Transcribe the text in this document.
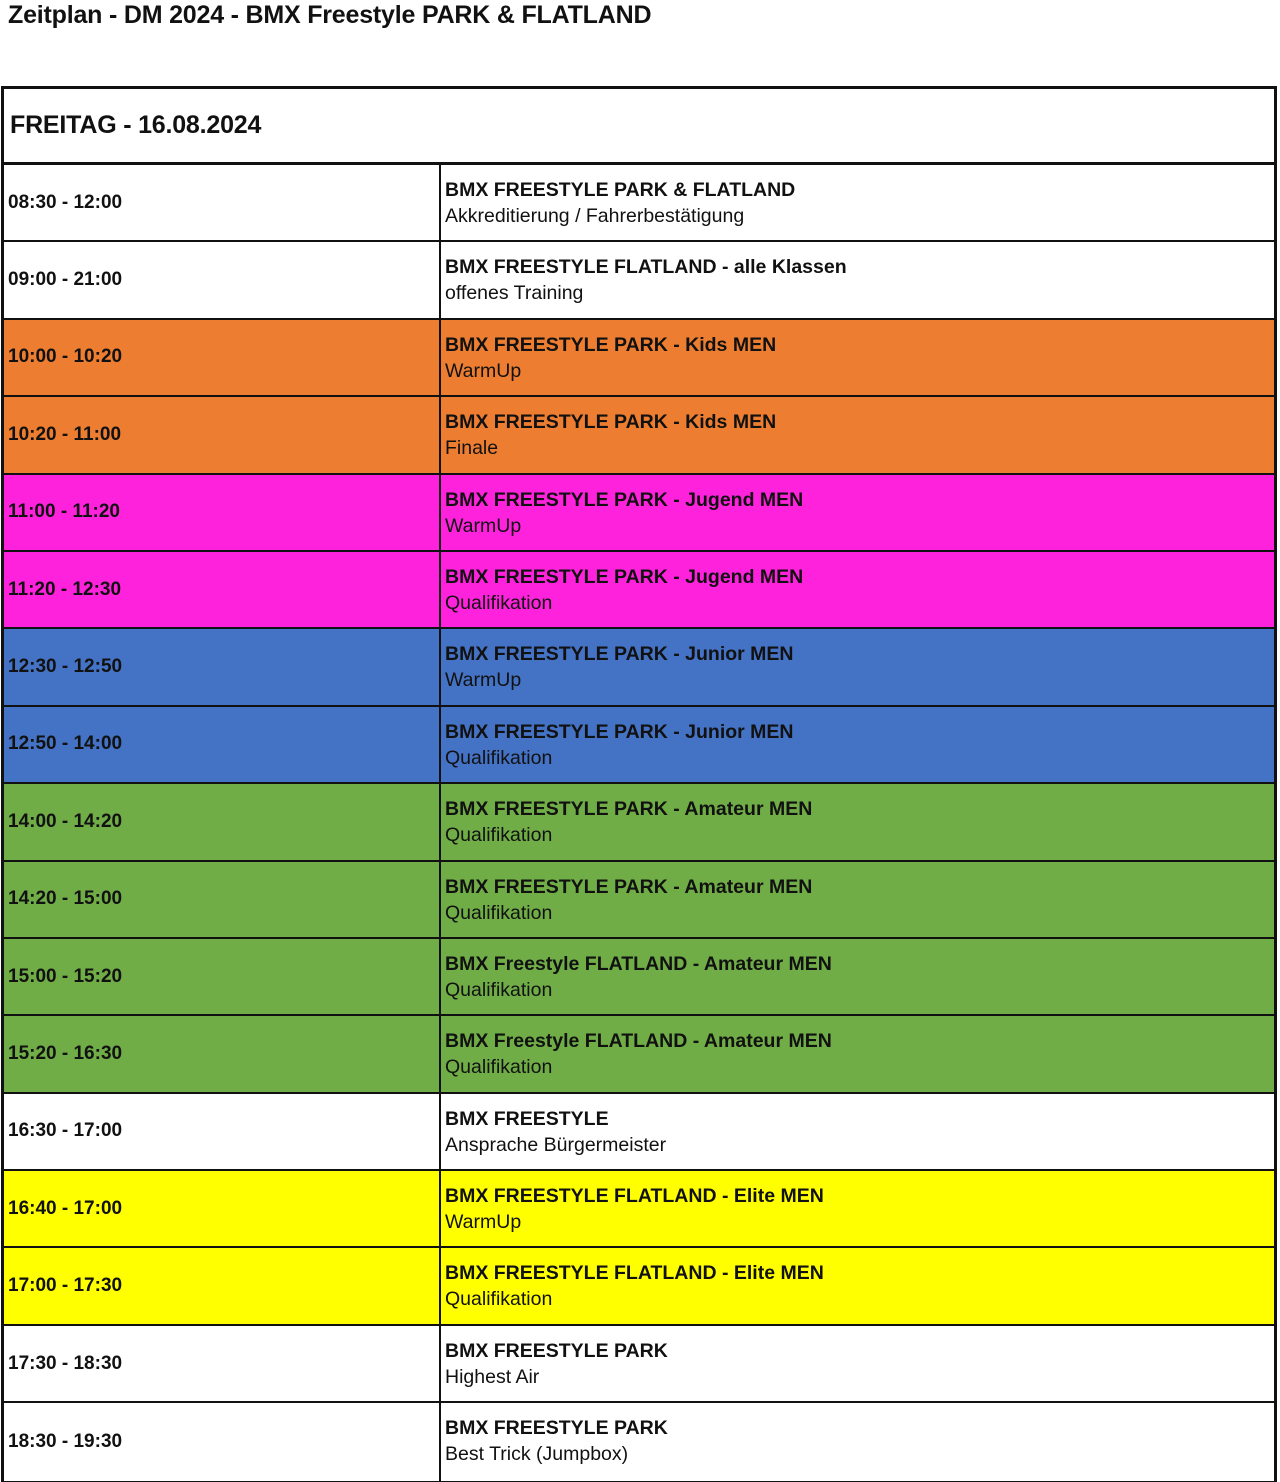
Zeitplan - DM 2024 - BMX Freestyle PARK & FLATLAND
FREITAG - 16.08.2024
08:30 - 12:00
BMX FREESTYLE PARK & FLATLAND
Akkreditierung / Fahrerbestätigung
09:00 - 21:00
BMX FREESTYLE FLATLAND - alle Klassen
offenes Training
10:00 - 10:20
BMX FREESTYLE PARK - Kids MEN
WarmUp
10:20 - 11:00
BMX FREESTYLE PARK - Kids MEN
Finale
11:00 - 11:20
BMX FREESTYLE PARK - Jugend MEN
WarmUp
11:20 - 12:30
BMX FREESTYLE PARK - Jugend MEN
Qualifikation
12:30 - 12:50
BMX FREESTYLE PARK - Junior MEN
WarmUp
12:50 - 14:00
BMX FREESTYLE PARK - Junior MEN
Qualifikation
14:00 - 14:20
BMX FREESTYLE PARK - Amateur MEN
Qualifikation
14:20 - 15:00
BMX FREESTYLE PARK - Amateur MEN
Qualifikation
15:00 - 15:20
BMX Freestyle FLATLAND - Amateur MEN
Qualifikation
15:20 - 16:30
BMX Freestyle FLATLAND - Amateur MEN
Qualifikation
16:30 - 17:00
BMX FREESTYLE
Ansprache Bürgermeister
16:40 - 17:00
BMX FREESTYLE FLATLAND - Elite MEN
WarmUp
17:00 - 17:30
BMX FREESTYLE FLATLAND - Elite MEN
Qualifikation
17:30 - 18:30
BMX FREESTYLE PARK
Highest Air
18:30 - 19:30
BMX FREESTYLE PARK
Best Trick (Jumpbox)
